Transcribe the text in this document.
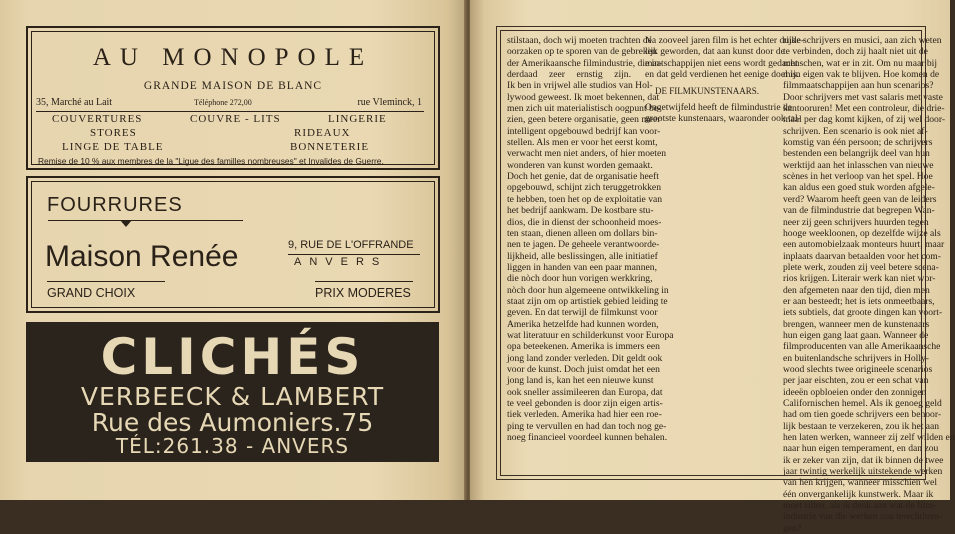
AU MONOPOLE
GRANDE MAISON DE BLANC
35, Marché au Lait	Téléphone 272,00	rue Vleminck, 1
COUVERTURES	COUVRE - LITS	LINGERIE
STORES	RIDEAUX
LINGE DE TABLE	BONNETERIE
Remise de 10 % aux membres de la "Ligue des familles nombreuses" et Invalides de Guerre.
FOURRURES
Maison Renée	9, RUE DE L'OFFRANDE
ANVERS
GRAND CHOIX	PRIX MODERES
CLICHÉS
VERBEECK & LAMBERT
Rue des Aumoniers.75
TÉL:261.38 - ANVERS
stilstaan, doch wij moeten trachten de
oorzaken op te sporen van de gebreken
der Amerikaansche filmindustrie, die in-
derdaad zeer ernstig zijn.
Ik ben in vrijwel alle studios van Hol-
lywood geweest. Ik moet bekennen, dat
men zich uit materialistisch oogpunt be-
zien, geen betere organisatie, geen meer
intelligent opgebouwd bedrijf kan voor-
stellen. Als men er voor het eerst komt,
verwacht men niet anders, of hier moeten
wonderen van kunst worden gemaakt.
Doch het genie, dat de organisatie heeft
opgebouwd, schijnt zich teruggetrokken
te hebben, toen het op de exploitatie van
het bedrijf aankwam. De kostbare stu-
dios, die in dienst der schoonheid moes-
ten staan, dienen alleen om dollars bin-
nen te jagen. De geheele verantwoorde-
lijkheid, alle beslissingen, alle initiatief
liggen in handen van een paar mannen,
die nòch door hun vorigen werkkring,
nòch door hun algemeene ontwikkeling in
staat zijn om op artistiek gebied leiding te
geven. En dat terwijl de filmkunst voor
Amerika hetzelfde had kunnen worden,
wat literatuur en schilderkunst voor Europa
opa beteekenen. Amerika is immers een
jong land zonder verleden. Dit geldt ook
voor de kunst. Doch juist omdat het een
jong land is, kan het een nieuwe kunst
ook sneller assimileeren dan Europa, dat
te veel gebonden is door zijn eigen artis-
tiek verleden. Amerika had hier een roe-
ping te vervullen en had dan toch nog ge-
noeg financieel voordeel kunnen behalen.
Na zooveel jaren film is het echter duide-
lijk geworden, dat aan kunst door de
maatschappijen niet eens wordt gedacht
en dat geld verdienen het eenige doel is.
DE FILMKUNSTENAARS.
Ongetwijfeld heeft de filmindustrie de
grootste kunstenaars, waaronder ook tal-
rijke schrijvers en musici, aan zich weten
te verbinden, doch zij haalt niet uit de
menschen, wat er in zit. Om nu maar bij
mijn eigen vak te blijven. Hoe komen de
filmmaatschappijen aan hun scenarios?
Door schrijvers met vast salaris met vaste
kantooruren! Met een controleur, die drie-
maal per dag komt kijken, of zij wel door-
schrijven. Een scenario is ook niet af-
komstig van één persoon; de schrijvers
bestenden een belangrijk deel van hun
werktijd aan het inlasschen van nieuwe
scènes in het verloop van het spel. Hoe
kan aldus een goed stuk worden afgele-
verd? Waarom heeft geen van de leiders
van de filmindustrie dat begrepen Wan-
neer zij geen schrijvers huurden tegen
hooge weekloonen, op dezelfde wijze als
een automobielzaak monteurs huurt, maar
inplaats daarvan betaalden voor het com-
plete werk, zouden zij veel betere scena-
rios krijgen. Literair werk kan niet wor-
den afgemeten naar den tijd, dien men
er aan besteedt; het is iets onmeetbaars,
iets subtiels, dat groote dingen kan voort-
brengen, wanneer men de kunstenaars
hun eigen gang laat gaan. Wanneer de
filmproducenten van alle Amerikaansche
en buitenlandsche schrijvers in Holly-
wood slechts twee origineele scenarios
per jaar eischten, zou er een schat van
ideeën opbloeien onder den zonnigen
Californischen hemel. Als ik genoeg geld
had om tien goede schrijvers een behoor-
lijk bestaan te verzekeren, zou ik het aan
hen laten werken, wanneer zij zelf wilden en
naar hun eigen temperament, en dan zou
ik er zeker van zijn, dat ik binnen de twee
jaar twintig werkelijk uitstekende werken
van hen krijgen, wanneer misschien wel
één onvergankelijk kunstwerk. Maar ik
moet rillen, als ik denk aan wat de film-
industrie van die werken zou terechtbren-
gen?
